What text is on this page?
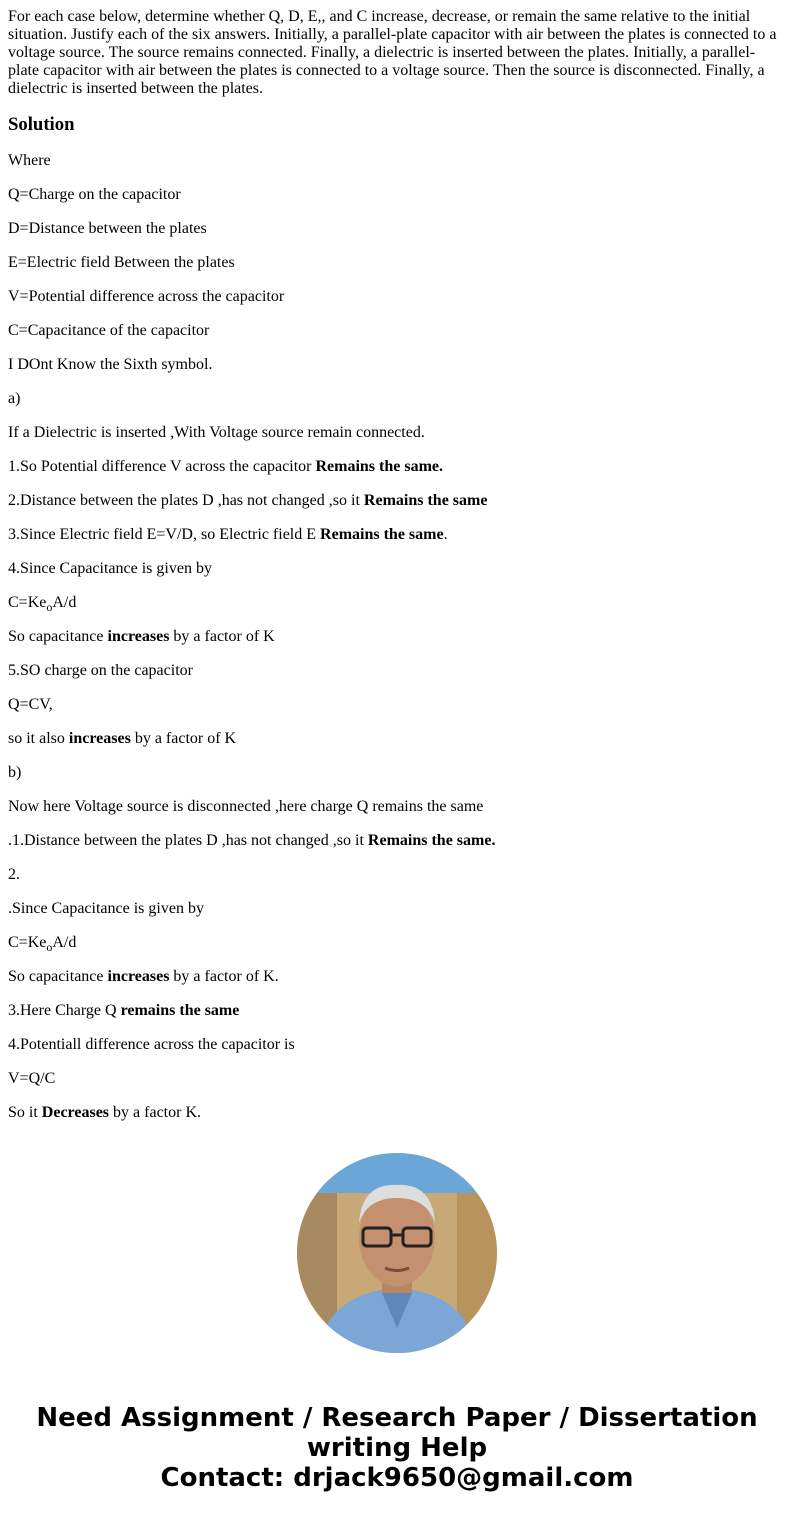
For each case below, determine whether Q, D, E,, and C increase, decrease, or remain the same relative to the initial situation. Justify each of the six answers. Initially, a parallel-plate capacitor with air between the plates is connected to a voltage source. The source remains connected. Finally, a dielectric is inserted between the plates. Initially, a parallel-plate capacitor with air between the plates is connected to a voltage source. Then the source is disconnected. Finally, a dielectric is inserted between the plates.

Solution

Where

Q=Charge on the capacitor

D=Distance between the plates

E=Electric field Between the plates

V=Potential difference across the capacitor

C=Capacitance of the capacitor

I DOnt Know the Sixth symbol.

a)

If a Dielectric is inserted ,With Voltage source remain connected.

1.So Potential difference V across the capacitor Remains the same.

2.Distance between the plates D ,has not changed ,so it Remains the same

3.Since Electric field E=V/D, so Electric field E Remains the same.

4.Since Capacitance is given by

$C=Ke_oA/d$

So capacitance increases by a factor of K

5.SO charge on the capacitor

Q=CV,

so it also increases by a factor of K

b)

Now here Voltage source is disconnected ,here charge Q remains the same

.1.Distance between the plates D ,has not changed ,so it Remains the same.

2.

.Since Capacitance is given by

$C=Ke_oA/d$

So capacitance increases by a factor of K.

3.Here Charge Q remains the same

4.Potentiall difference across the capacitor is

V=Q/C

So it Decreases by a factor K.

Need Assignment / Research Paper / Dissertation writing Help
Contact: drjack9650@gmail.com
